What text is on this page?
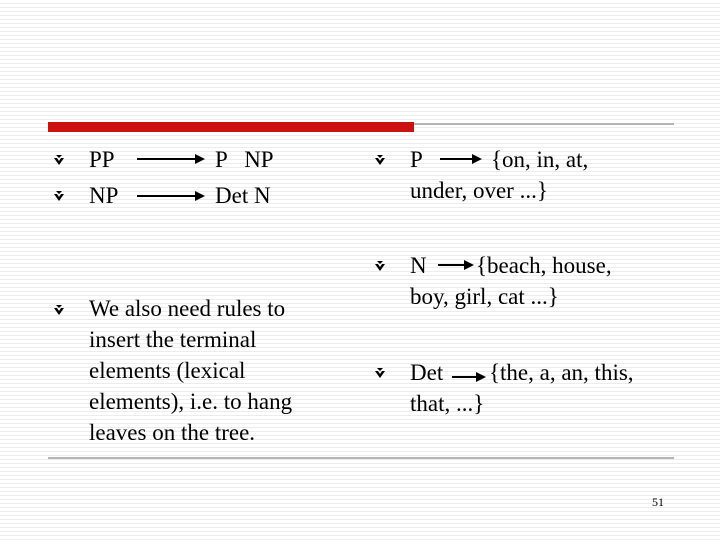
PP	P   NP
NP	Det N
We also need rules to
insert the terminal
elements (lexical
elements), i.e. to hang
leaves on the tree.
P	{on, in, at,
under, over ...}
N {beach, house,
boy, girl, cat ...}
Det {the, a, an, this,
that, ...}
51
